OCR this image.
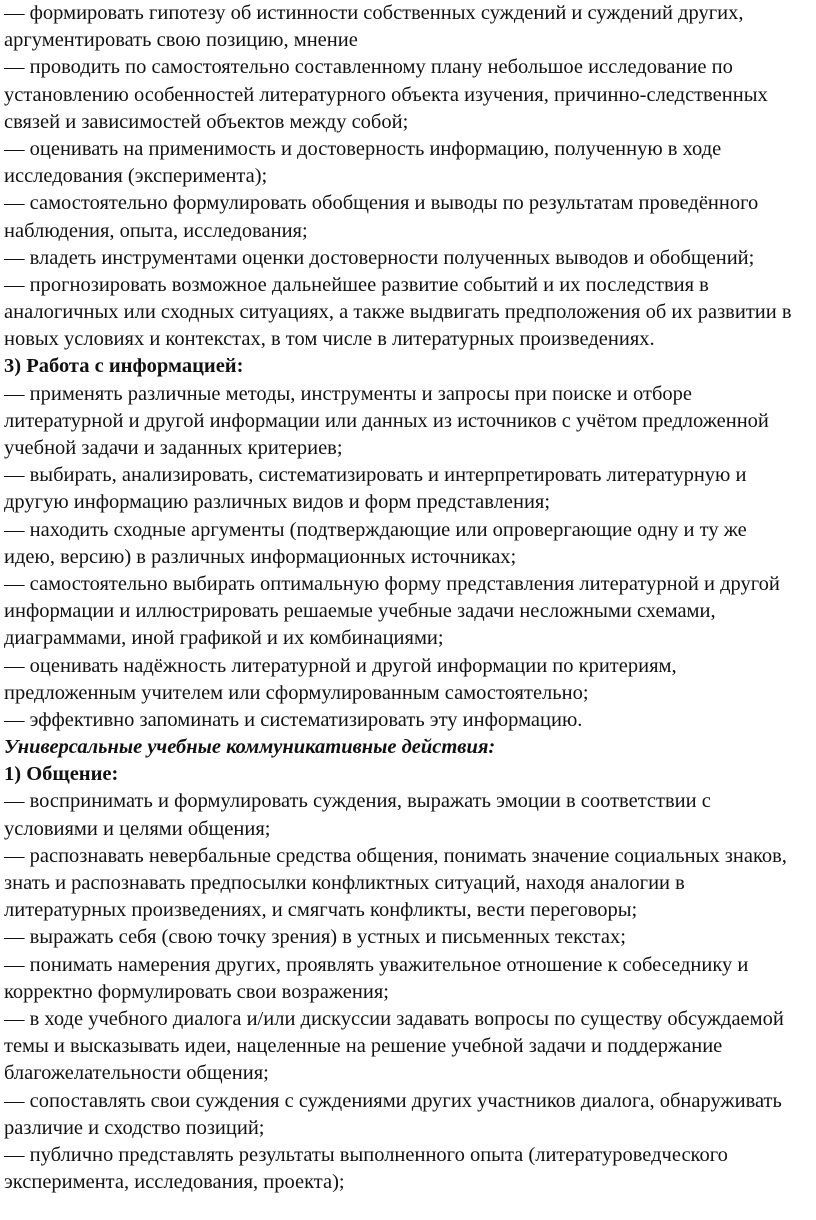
— формировать гипотезу об истинности собственных суждений и суждений других,
аргументировать свою позицию, мнение
— проводить по самостоятельно составленному плану небольшое исследование по
установлению особенностей литературного объекта изучения, причинно-следственных
связей и зависимостей объектов между собой;
— оценивать на применимость и достоверность информацию, полученную в ходе
исследования (эксперимента);
— самостоятельно формулировать обобщения и выводы по результатам проведённого
наблюдения, опыта, исследования;
— владеть инструментами оценки достоверности полученных выводов и обобщений;
— прогнозировать возможное дальнейшее развитие событий и их последствия в
аналогичных или сходных ситуациях, а также выдвигать предположения об их развитии в
новых условиях и контекстах, в том числе в литературных произведениях.
3) Работа с информацией:
— применять различные методы, инструменты и запросы при поиске и отборе
литературной и другой информации или данных из источников с учётом предложенной
учебной задачи и заданных критериев;
— выбирать, анализировать, систематизировать и интерпретировать литературную и
другую информацию различных видов и форм представления;
— находить сходные аргументы (подтверждающие или опровергающие одну и ту же
идею, версию) в различных информационных источниках;
— самостоятельно выбирать оптимальную форму представления литературной и другой
информации и иллюстрировать решаемые учебные задачи несложными схемами,
диаграммами, иной графикой и их комбинациями;
— оценивать надёжность литературной и другой информации по критериям,
предложенным учителем или сформулированным самостоятельно;
— эффективно запоминать и систематизировать эту информацию.
Универсальные учебные коммуникативные действия:
1) Общение:
— воспринимать и формулировать суждения, выражать эмоции в соответствии с
условиями и целями общения;
— распознавать невербальные средства общения, понимать значение социальных знаков,
знать и распознавать предпосылки конфликтных ситуаций, находя аналогии в
литературных произведениях, и смягчать конфликты, вести переговоры;
— выражать себя (свою точку зрения) в устных и письменных текстах;
— понимать намерения других, проявлять уважительное отношение к собеседнику и
корректно формулировать свои возражения;
— в ходе учебного диалога и/или дискуссии задавать вопросы по существу обсуждаемой
темы и высказывать идеи, нацеленные на решение учебной задачи и поддержание
благожелательности общения;
— сопоставлять свои суждения с суждениями других участников диалога, обнаруживать
различие и сходство позиций;
— публично представлять результаты выполненного опыта (литературоведческого
эксперимента, исследования, проекта);
